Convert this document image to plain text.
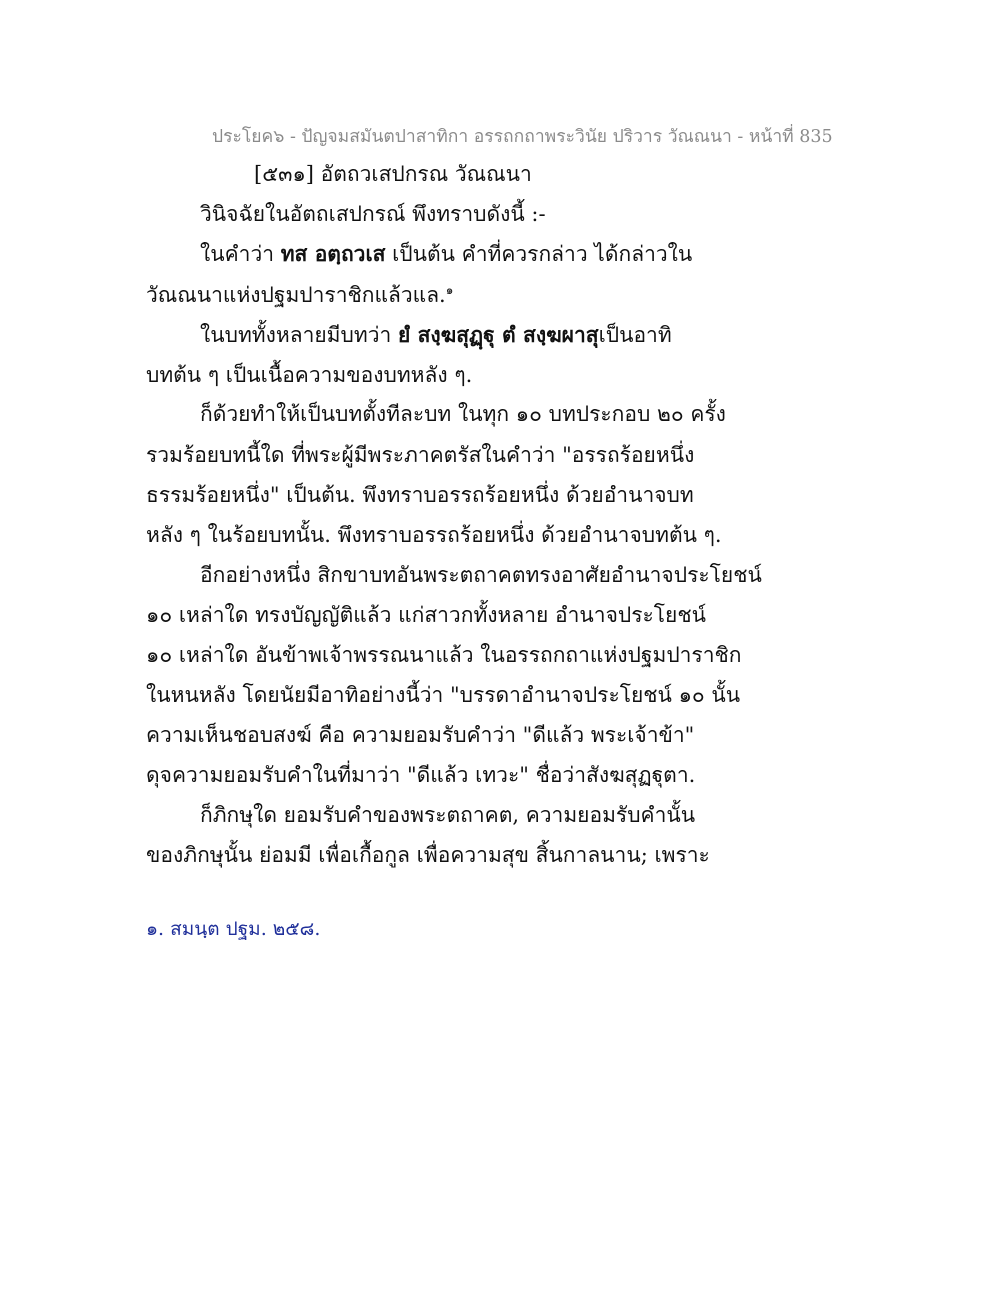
ประโยค๖ - ปัญจมสมันตปาสาทิกา อรรถกถาพระวินัย ปริวาร วัณณนา - หน้าที่ 835
[๕๓๑] อัตถวเสปกรณ วัณณนา
วินิจฉัยในอัตถเสปกรณ์ พึงทราบดังนี้ :-
ในคำว่า ทส อตฺถวเส เป็นต้น คำที่ควรกล่าว ได้กล่าวใน
วัณณนาแห่งปฐมปาราชิกแล้วแล.$^๑$
ในบททั้งหลายมีบทว่า ยํ สงฺฆสุฏฺฐุ ตํ สงฺฆผาสุเป็นอาทิ
บทต้น ๆ เป็นเนื้อความของบทหลัง ๆ.
ก็ด้วยทำให้เป็นบทตั้งทีละบท ในทุก ๑๐ บทประกอบ ๒๐ ครั้ง
รวมร้อยบทนี้ใด ที่พระผู้มีพระภาคตรัสในคำว่า "อรรถร้อยหนึ่ง
ธรรมร้อยหนึ่ง" เป็นต้น. พึงทราบอรรถร้อยหนึ่ง ด้วยอำนาจบท
หลัง ๆ ในร้อยบทนั้น. พึงทราบอรรถร้อยหนึ่ง ด้วยอำนาจบทต้น ๆ.
อีกอย่างหนึ่ง สิกขาบทอันพระตถาคตทรงอาศัยอำนาจประโยชน์
๑๐ เหล่าใด ทรงบัญญัติแล้ว แก่สาวกทั้งหลาย อำนาจประโยชน์
๑๐ เหล่าใด อันข้าพเจ้าพรรณนาแล้ว ในอรรถกถาแห่งปฐมปาราชิก
ในหนหลัง โดยนัยมีอาทิอย่างนี้ว่า "บรรดาอำนาจประโยชน์ ๑๐ นั้น
ความเห็นชอบสงฆ์ คือ ความยอมรับคำว่า "ดีแล้ว พระเจ้าข้า"
ดุจความยอมรับคำในที่มาว่า "ดีแล้ว เทวะ" ชื่อว่าสังฆสุฏฐุตา.
ก็ภิกษุใด ยอมรับคำของพระตถาคต, ความยอมรับคำนั้น
ของภิกษุนั้น ย่อมมี เพื่อเกื้อกูล เพื่อความสุข สิ้นกาลนาน; เพราะ
๑. สมนฺต ปฐม. ๒๕๘.
